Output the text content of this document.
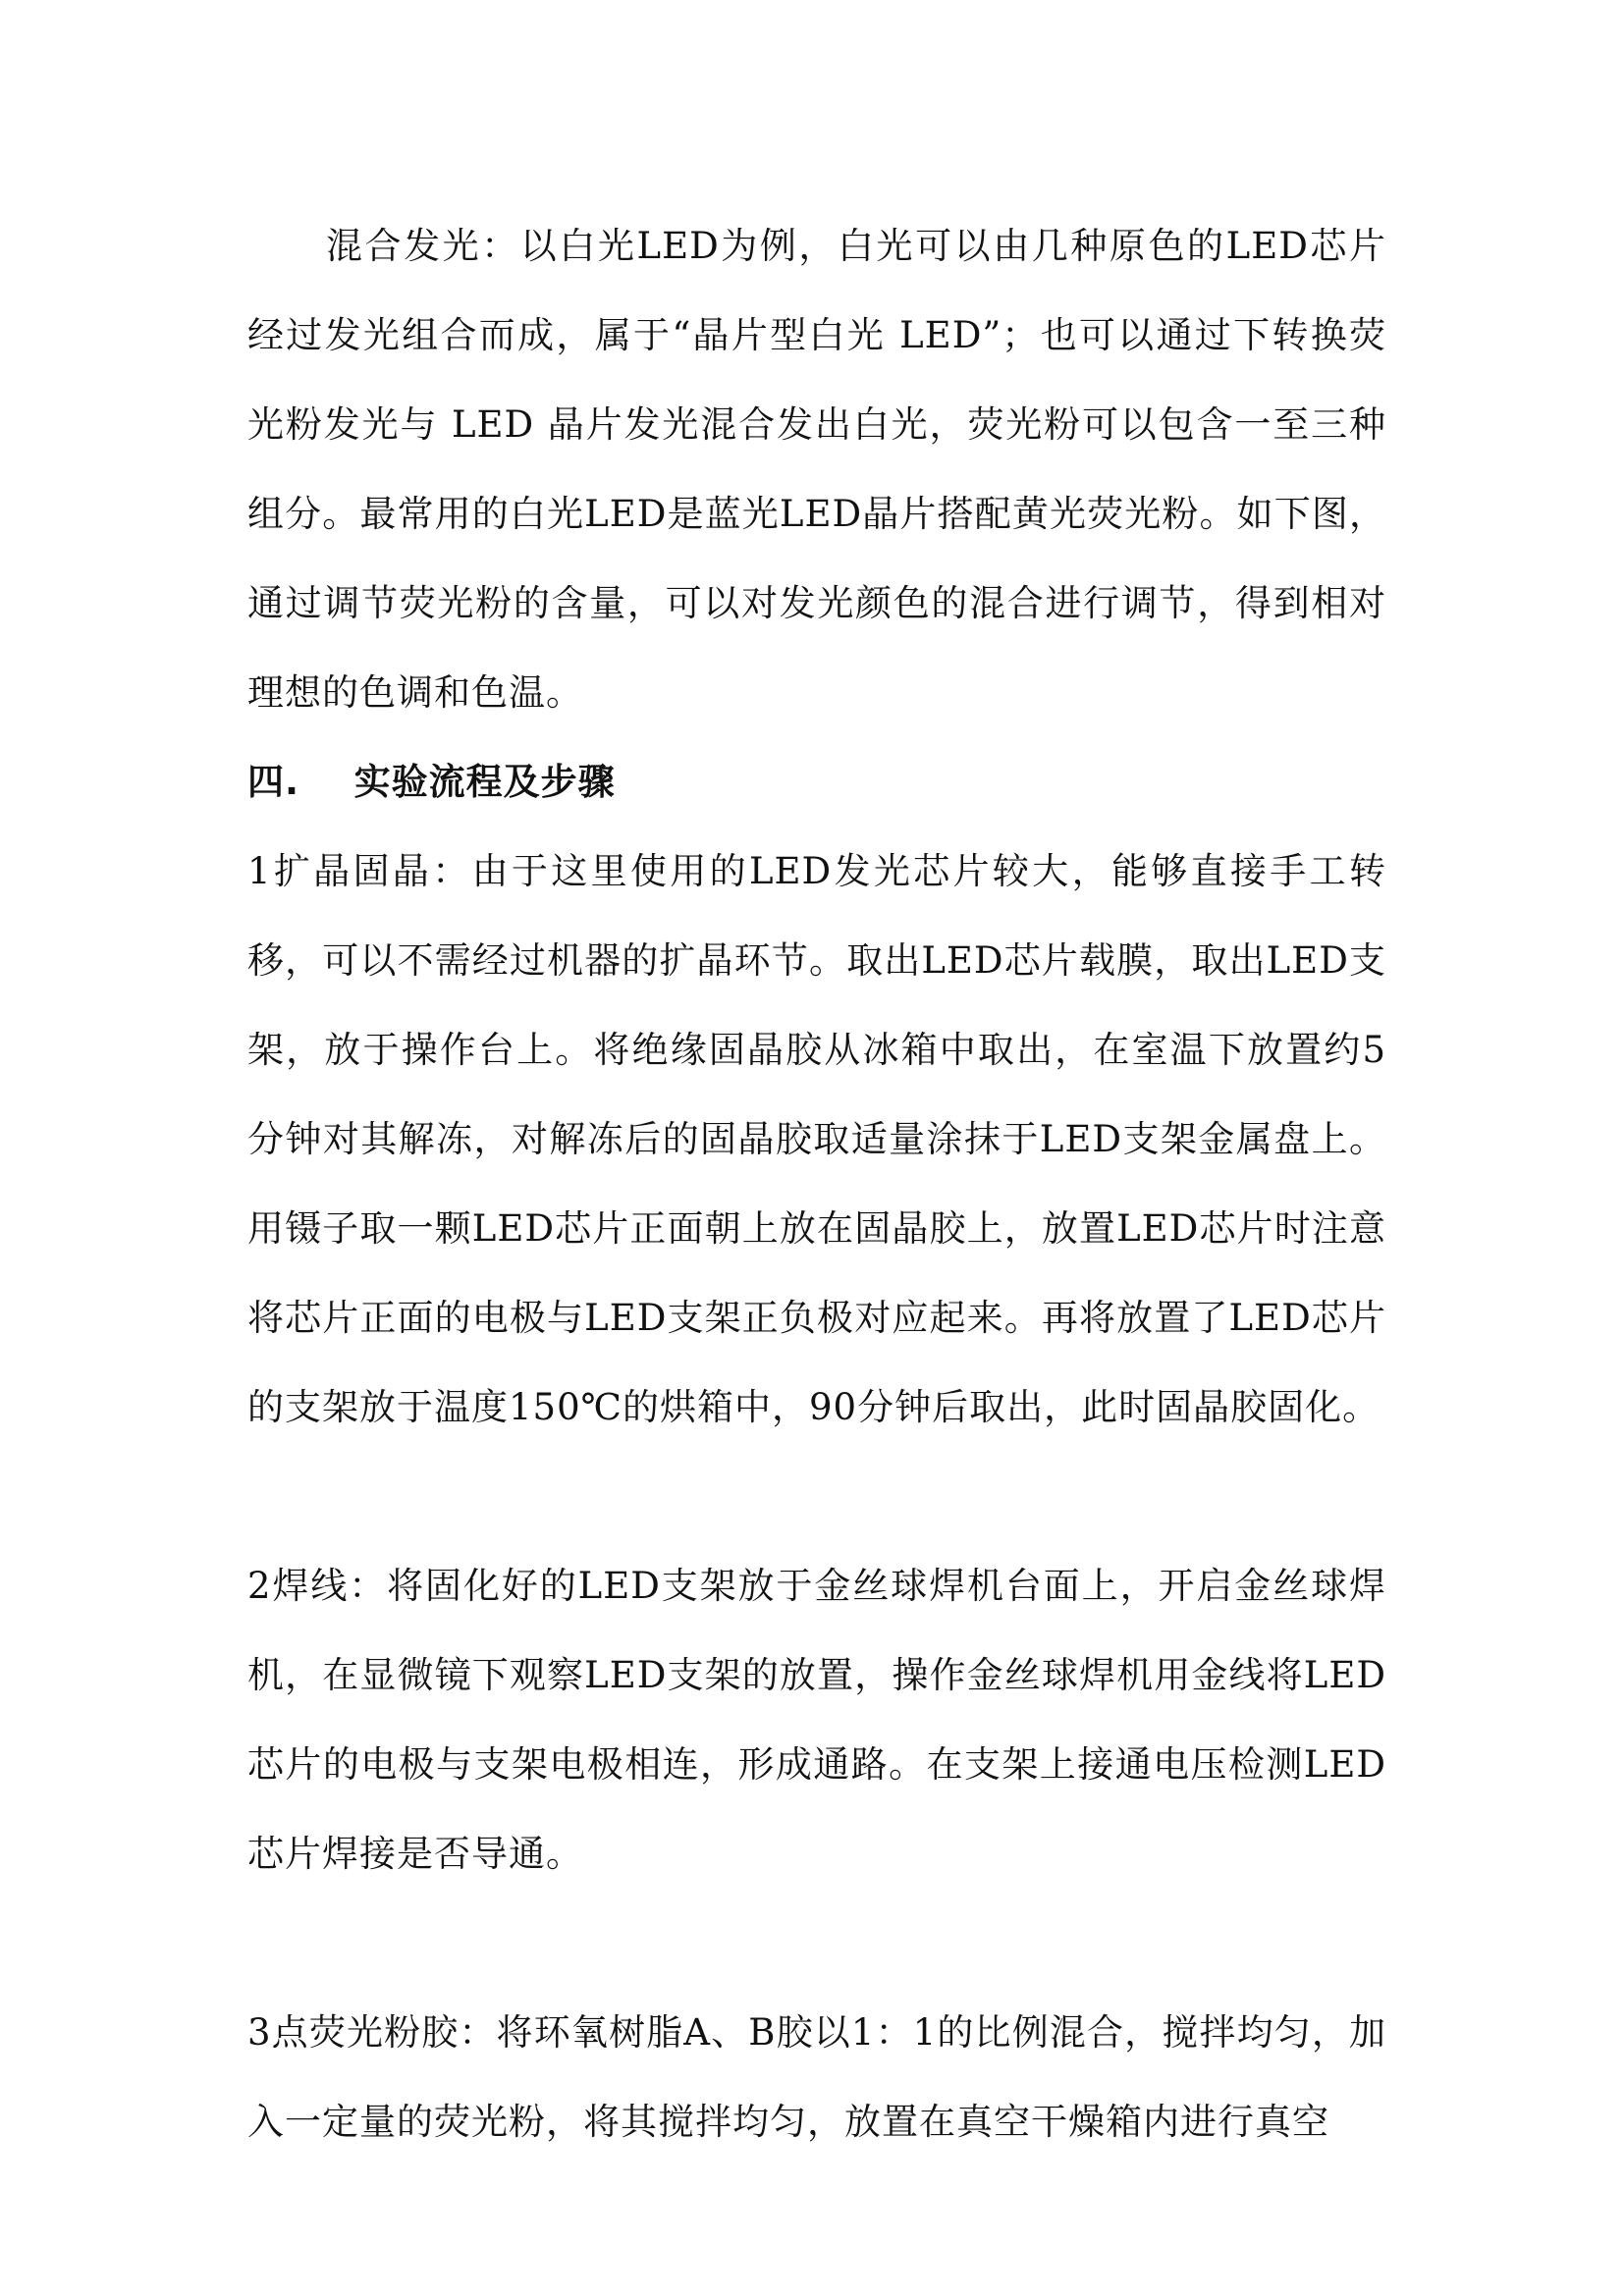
混合发光：以白光LED为例，白光可以由几种原色的LED芯片经过发光组合而成，属于“晶片型白光 LED”；也可以通过下转换荧光粉发光与 LED 晶片发光混合发出白光，荧光粉可以包含一至三种组分。最常用的白光LED是蓝光LED晶片搭配黄光荧光粉。如下图，通过调节荧光粉的含量，可以对发光颜色的混合进行调节，得到相对理想的色调和色温。

四.    实验流程及步骤

1扩晶固晶：由于这里使用的LED发光芯片较大，能够直接手工转移，可以不需经过机器的扩晶环节。取出LED芯片载膜，取出LED支架，放于操作台上。将绝缘固晶胶从冰箱中取出，在室温下放置约5分钟对其解冻，对解冻后的固晶胶取适量涂抹于LED支架金属盘上。用镊子取一颗LED芯片正面朝上放在固晶胶上，放置LED芯片时注意将芯片正面的电极与LED支架正负极对应起来。再将放置了LED芯片的支架放于温度150℃的烘箱中，90分钟后取出，此时固晶胶固化。

2焊线：将固化好的LED支架放于金丝球焊机台面上，开启金丝球焊机，在显微镜下观察LED支架的放置，操作金丝球焊机用金线将LED芯片的电极与支架电极相连，形成通路。在支架上接通电压检测LED芯片焊接是否导通。

3点荧光粉胶：将环氧树脂A、B胶以1：1的比例混合，搅拌均匀，加入一定量的荧光粉，将其搅拌均匀，放置在真空干燥箱内进行真空
